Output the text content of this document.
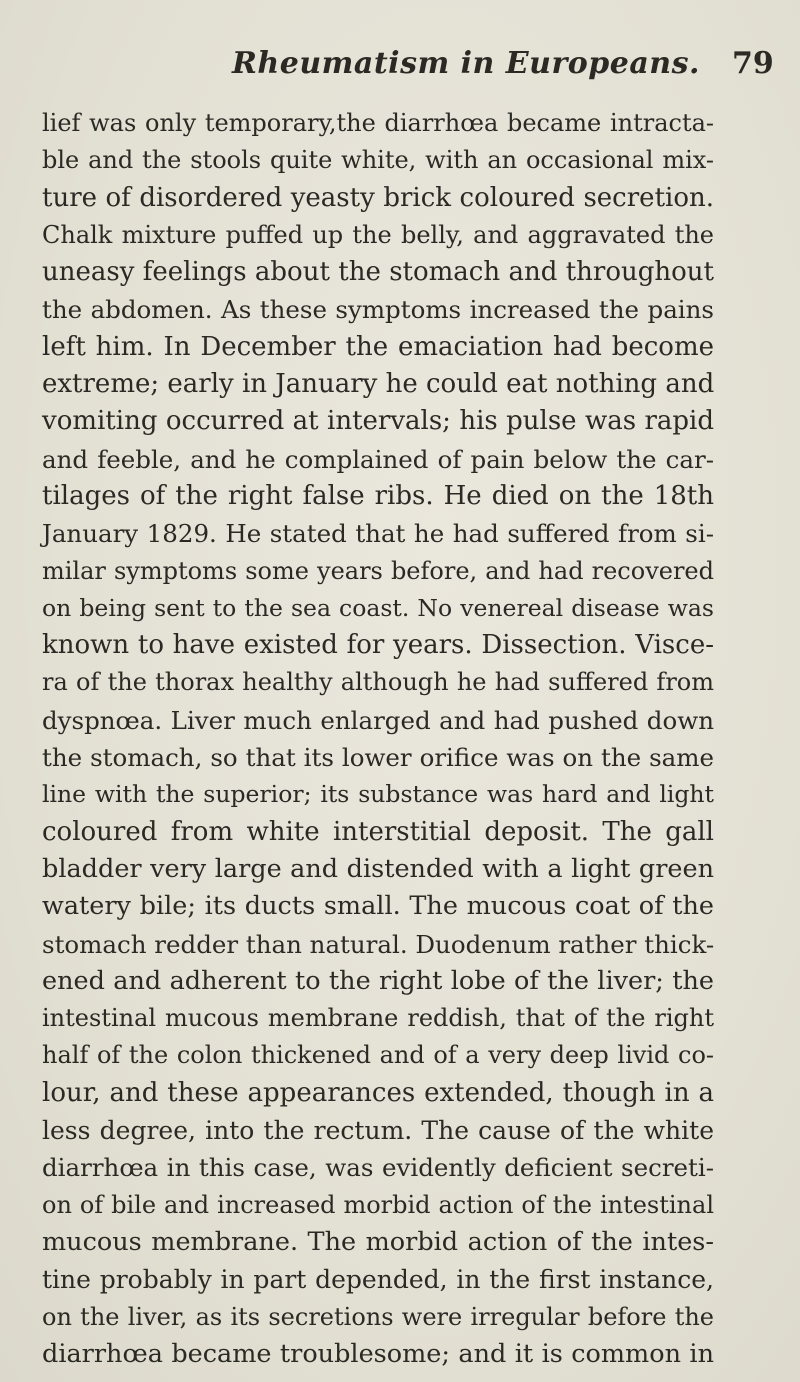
Rheumatism in Europeans. 79
lief was only temporary,the diarrhœa became intracta-
ble and the stools quite white, with an occasional mix-
ture of disordered yeasty brick coloured secretion.
Chalk mixture puffed up the belly, and aggravated the
uneasy feelings about the stomach and throughout
the abdomen. As these symptoms increased the pains
left him. In December the emaciation had become
extreme; early in January he could eat nothing and
vomiting occurred at intervals; his pulse was rapid
and feeble, and he complained of pain below the car-
tilages of the right false ribs. He died on the 18th
January 1829. He stated that he had suffered from si-
milar symptoms some years before, and had recovered
on being sent to the sea coast. No venereal disease was
known to have existed for years. Dissection. Visce-
ra of the thorax healthy although he had suffered from
dyspnœa. Liver much enlarged and had pushed down
the stomach, so that its lower orifice was on the same
line with the superior; its substance was hard and light
coloured from white interstitial deposit. The gall
bladder very large and distended with a light green
watery bile; its ducts small. The mucous coat of the
stomach redder than natural. Duodenum rather thick-
ened and adherent to the right lobe of the liver; the
intestinal mucous membrane reddish, that of the right
half of the colon thickened and of a very deep livid co-
lour, and these appearances extended, though in a
less degree, into the rectum. The cause of the white
diarrhœa in this case, was evidently deficient secreti-
on of bile and increased morbid action of the intestinal
mucous membrane. The morbid action of the intes-
tine probably in part depended, in the first instance,
on the liver, as its secretions were irregular before the
diarrhœa became troublesome; and it is common in
